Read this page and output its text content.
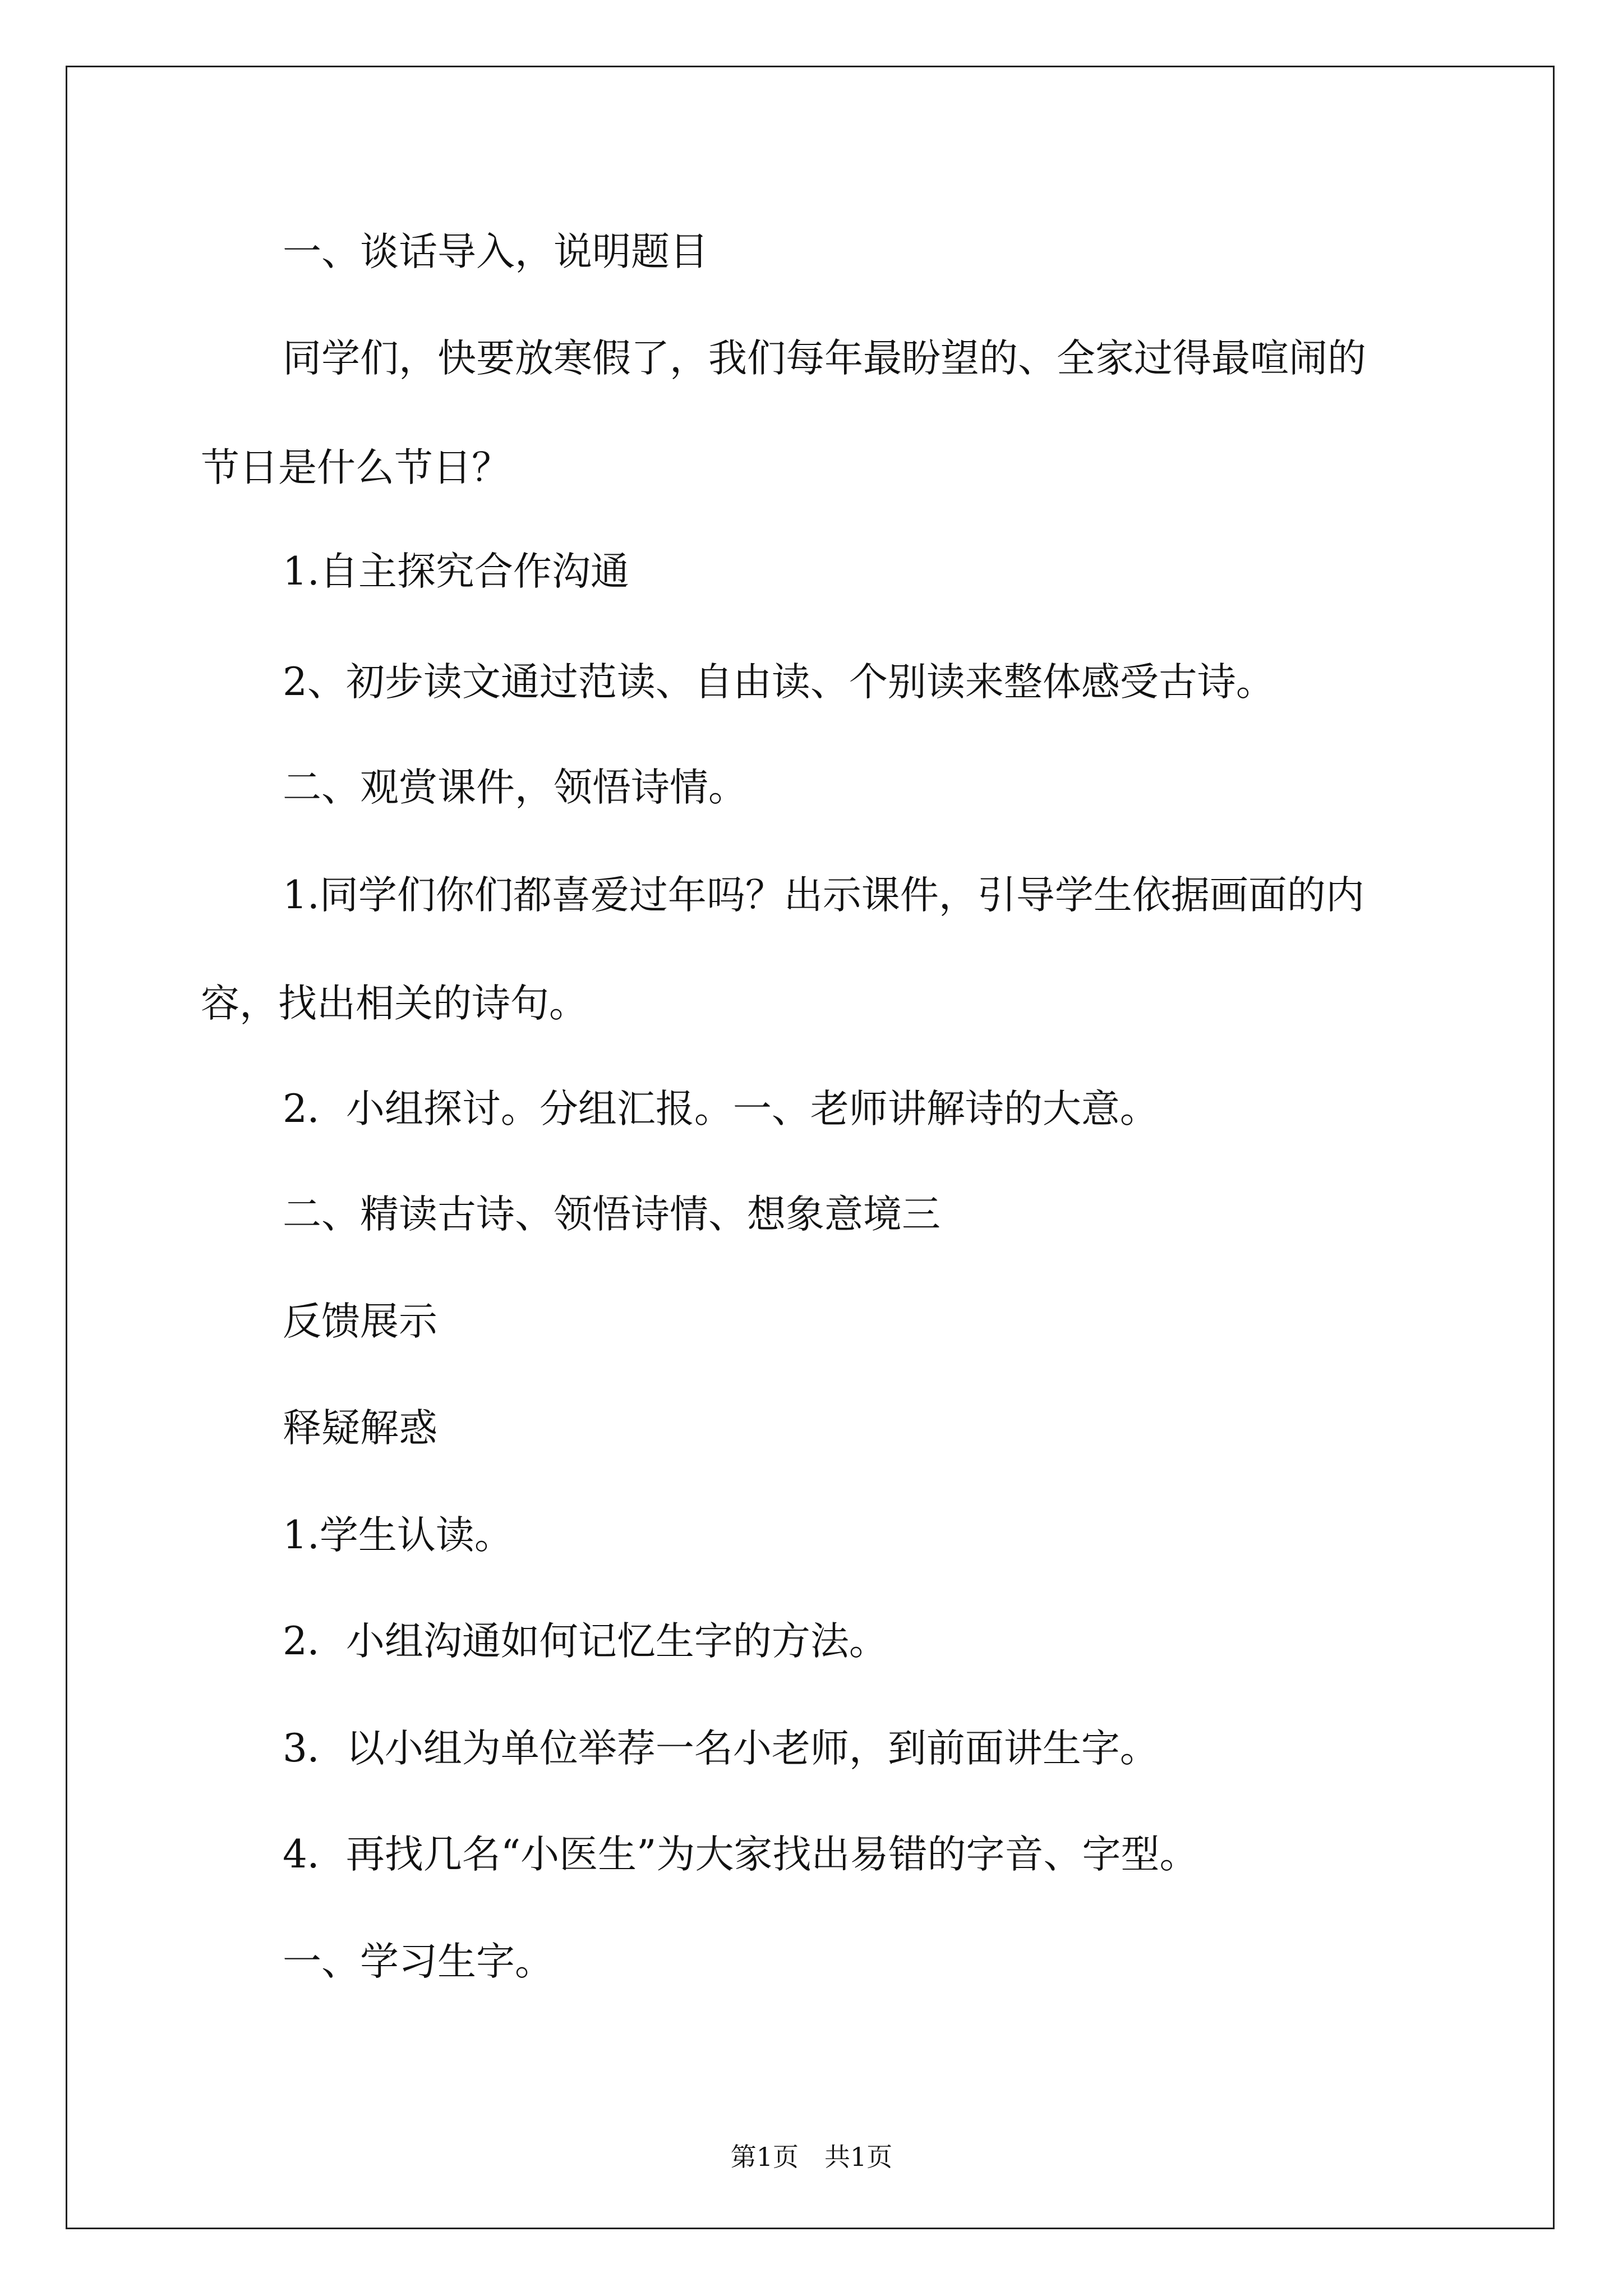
一、谈话导入，说明题目

同学们，快要放寒假了，我们每年最盼望的、全家过得最喧闹的

节日是什么节日？

1.自主探究合作沟通

2、初步读文通过范读、自由读、个别读来整体感受古诗。

二、观赏课件，领悟诗情。

1.同学们你们都喜爱过年吗？出示课件，引导学生依据画面的内

容，找出相关的诗句。

2．小组探讨。分组汇报。一、老师讲解诗的大意。

二、精读古诗、领悟诗情、想象意境三

反馈展示

释疑解惑

1.学生认读。

2．小组沟通如何记忆生字的方法。

3．以小组为单位举荐一名小老师，到前面讲生字。

4．再找几名“小医生”为大家找出易错的字音、字型。

一、学习生字。

第1页　共1页
